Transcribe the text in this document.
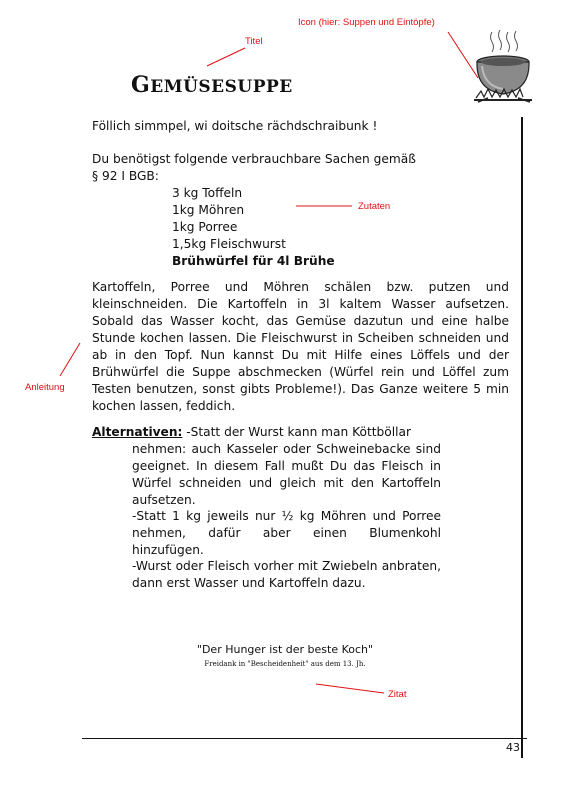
Icon (hier: Suppen und Eintöpfe)
Titel
Zutaten
Anleitung
Zitat
GEMÜSESUPPE
43
Föllich simmpel, wi doitsche rächdschraibunk !
Du benötigst folgende verbrauchbare Sachen gemäß
§ 92 I BGB:
3 kg Toffeln
1kg Möhren
1kg Porree
1,5kg Fleischwurst
Brühwürfel für 4l Brühe
Kartoffeln, Porree und Möhren schälen bzw. putzen und kleinschneiden. Die Kartoffeln in 3l kaltem Wasser aufsetzen. Sobald das Wasser kocht, das Gemüse dazutun und eine halbe Stunde kochen lassen. Die Fleischwurst in Scheiben schneiden und ab in den Topf. Nun kannst Du mit Hilfe eines Löffels und der Brühwürfel die Suppe abschmecken (Würfel rein und Löffel zum Testen benutzen, sonst gibts Probleme!). Das Ganze weitere 5 min kochen lassen, feddich.
Alternativen: -Statt der Wurst kann man Köttböllar
nehmen: auch Kasseler oder Schweinebacke sind geeignet. In diesem Fall mußt Du das Fleisch in Würfel schneiden und gleich mit den Kartoffeln aufsetzen.
-Statt 1 kg jeweils nur ½ kg Möhren und Porree nehmen, dafür aber einen Blumenkohl hinzufügen.
-Wurst oder Fleisch vorher mit Zwiebeln anbraten, dann erst Wasser und Kartoffeln dazu.
"Der Hunger ist der beste Koch"
Freidank in "Bescheidenheit" aus dem 13. Jh.
